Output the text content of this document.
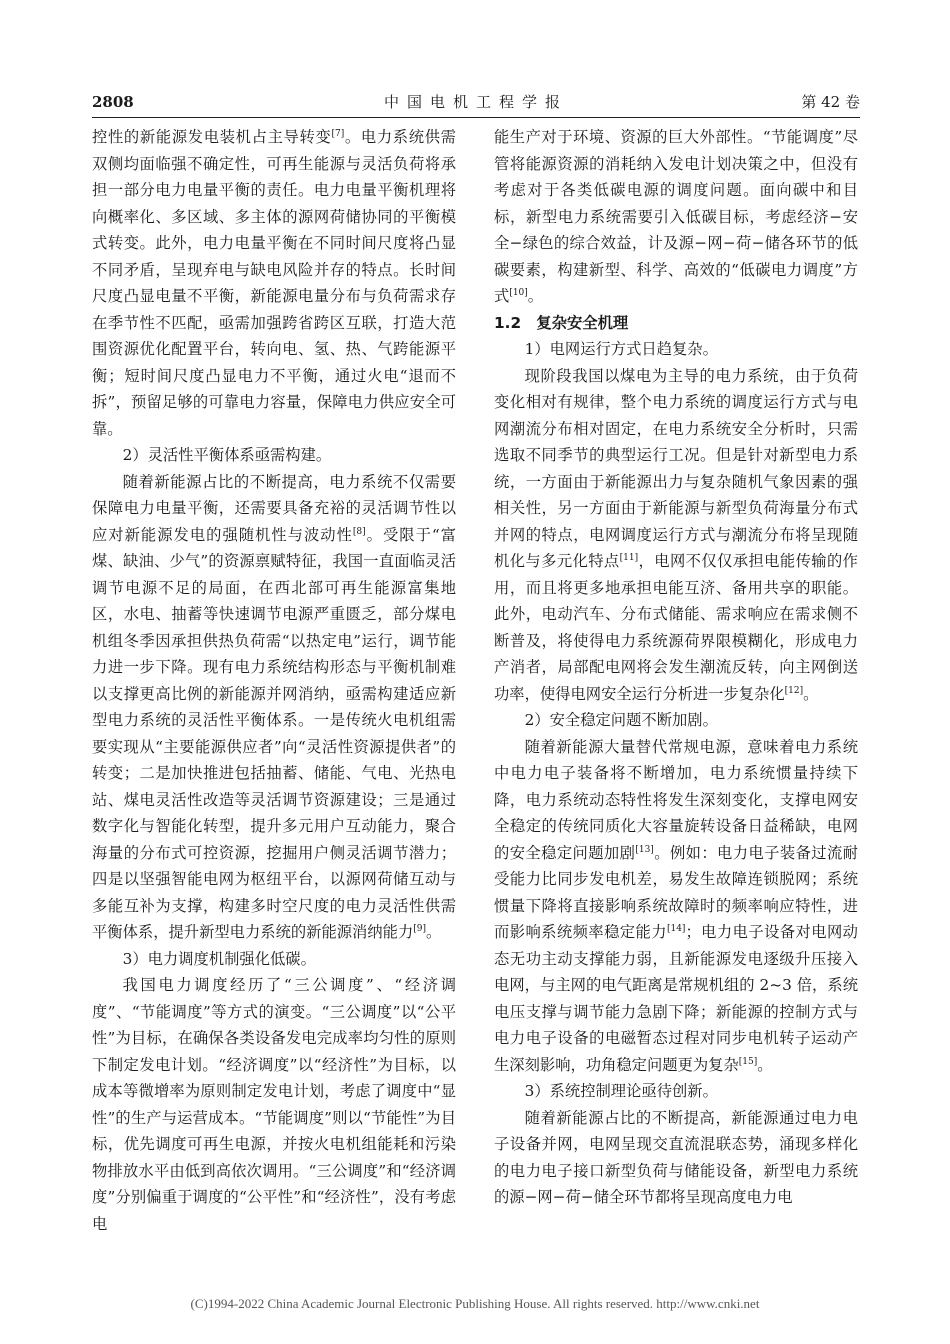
2808	中国电机工程学报	第 42 卷

控性的新能源发电装机占主导转变[7]。电力系统供需双侧均面临强不确定性，可再生能源与灵活负荷将承担一部分电力电量平衡的责任。电力电量平衡机理将向概率化、多区域、多主体的源网荷储协同的平衡模式转变。此外，电力电量平衡在不同时间尺度将凸显不同矛盾，呈现弃电与缺电风险并存的特点。长时间尺度凸显电量不平衡，新能源电量分布与负荷需求存在季节性不匹配，亟需加强跨省跨区互联，打造大范围资源优化配置平台，转向电、氢、热、气跨能源平衡；短时间尺度凸显电力不平衡，通过火电“退而不拆”，预留足够的可靠电力容量，保障电力供应安全可靠。

2）灵活性平衡体系亟需构建。

随着新能源占比的不断提高，电力系统不仅需要保障电力电量平衡，还需要具备充裕的灵活调节性以应对新能源发电的强随机性与波动性[8]。受限于“富煤、缺油、少气”的资源禀赋特征，我国一直面临灵活调节电源不足的局面，在西北部可再生能源富集地区，水电、抽蓄等快速调节电源严重匮乏，部分煤电机组冬季因承担供热负荷需“以热定电”运行，调节能力进一步下降。现有电力系统结构形态与平衡机制难以支撑更高比例的新能源并网消纳，亟需构建适应新型电力系统的灵活性平衡体系。一是传统火电机组需要实现从“主要能源供应者”向“灵活性资源提供者”的转变；二是加快推进包括抽蓄、储能、气电、光热电站、煤电灵活性改造等灵活调节资源建设；三是通过数字化与智能化转型，提升多元用户互动能力，聚合海量的分布式可控资源，挖掘用户侧灵活调节潜力；四是以坚强智能电网为枢纽平台，以源网荷储互动与多能互补为支撑，构建多时空尺度的电力灵活性供需平衡体系，提升新型电力系统的新能源消纳能力[9]。

3）电力调度机制强化低碳。

我国电力调度经历了“三公调度”、“经济调度”、“节能调度”等方式的演变。“三公调度”以“公平性”为目标，在确保各类设备发电完成率均匀性的原则下制定发电计划。“经济调度”以“经济性”为目标，以成本等微增率为原则制定发电计划，考虑了调度中“显性”的生产与运营成本。“节能调度”则以“节能性”为目标，优先调度可再生电源，并按火电机组能耗和污染物排放水平由低到高依次调用。“三公调度”和“经济调度”分别偏重于调度的“公平性”和“经济性”，没有考虑电

能生产对于环境、资源的巨大外部性。“节能调度”尽管将能源资源的消耗纳入发电计划决策之中，但没有考虑对于各类低碳电源的调度问题。面向碳中和目标，新型电力系统需要引入低碳目标，考虑经济−安全−绿色的综合效益，计及源−网−荷−储各环节的低碳要素，构建新型、科学、高效的“低碳电力调度”方式[10]。

1.2　复杂安全机理

1）电网运行方式日趋复杂。

现阶段我国以煤电为主导的电力系统，由于负荷变化相对有规律，整个电力系统的调度运行方式与电网潮流分布相对固定，在电力系统安全分析时，只需选取不同季节的典型运行工况。但是针对新型电力系统，一方面由于新能源出力与复杂随机气象因素的强相关性，另一方面由于新能源与新型负荷海量分布式并网的特点，电网调度运行方式与潮流分布将呈现随机化与多元化特点[11]，电网不仅仅承担电能传输的作用，而且将更多地承担电能互济、备用共享的职能。此外，电动汽车、分布式储能、需求响应在需求侧不断普及，将使得电力系统源荷界限模糊化，形成电力产消者，局部配电网将会发生潮流反转，向主网倒送功率，使得电网安全运行分析进一步复杂化[12]。

2）安全稳定问题不断加剧。

随着新能源大量替代常规电源，意味着电力系统中电力电子装备将不断增加，电力系统惯量持续下降，电力系统动态特性将发生深刻变化，支撑电网安全稳定的传统同质化大容量旋转设备日益稀缺，电网的安全稳定问题加剧[13]。例如：电力电子装备过流耐受能力比同步发电机差，易发生故障连锁脱网；系统惯量下降将直接影响系统故障时的频率响应特性，进而影响系统频率稳定能力[14]；电力电子设备对电网动态无功主动支撑能力弱，且新能源发电逐级升压接入电网，与主网的电气距离是常规机组的 2~3 倍，系统电压支撑与调节能力急剧下降；新能源的控制方式与电力电子设备的电磁暂态过程对同步电机转子运动产生深刻影响，功角稳定问题更为复杂[15]。

3）系统控制理论亟待创新。

随着新能源占比的不断提高，新能源通过电力电子设备并网，电网呈现交直流混联态势，涌现多样化的电力电子接口新型负荷与储能设备，新型电力系统的源−网−荷−储全环节都将呈现高度电力电

(C)1994-2022 China Academic Journal Electronic Publishing House. All rights reserved. http://www.cnki.net
